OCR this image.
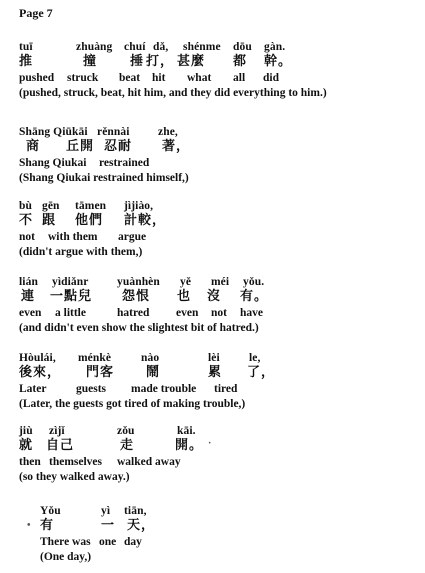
Page 7
tuī	zhuàng chuí dǎ, shénme dōu gàn.
推	撞	捶 打， 甚麼 都 幹。
pushed struck beat hit what all did
(pushed, struck, beat, hit him, and they did everything to him.)
Shāng Qiūkāi rěnnài zhe,
商 丘開 忍耐 著，
Shang Qiukai restrained
(Shang Qiukai restrained himself,)
bù gēn tāmen jìjiào,
不 跟 他們 計較，
not with them argue
(didn't argue with them,)
lián yìdiǎnr yuànhèn yě méi yǒu.
連 一點兒 怨恨 也 沒 有。
even a little	hatred even not have
(and didn't even show the slightest bit of hatred.)
Hòulái, ménkè	nào	lèi	le,
後來， 門客 鬧	累 了，
Later	guests made trouble tired
(Later, the guests got tired of making trouble,)
jiù zìjǐ	zǒu	kāi.
就 自己	走	開。
then themselves walked away
(so they walked away.)
Yǒu	yì tiān,
• 有	一 天，
There was one day
(One day,)
·
